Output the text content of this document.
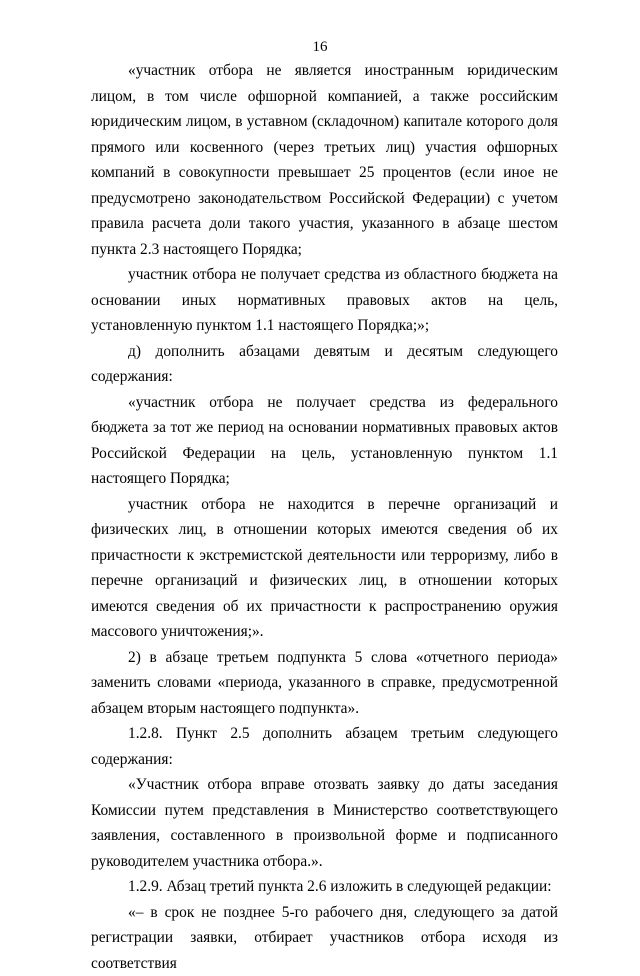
16

«участник отбора не является иностранным юридическим лицом, в том числе офшорной компанией, а также российским юридическим лицом, в уставном (складочном) капитале которого доля прямого или косвенного (через третьих лиц) участия офшорных компаний в совокупности превышает 25 процентов (если иное не предусмотрено законодательством Российской Федерации) с учетом правила расчета доли такого участия, указанного в абзаце шестом пункта 2.3 настоящего Порядка;

участник отбора не получает средства из областного бюджета на основании иных нормативных правовых актов на цель, установленную пунктом 1.1 настоящего Порядка;»;

д) дополнить абзацами девятым и десятым следующего содержания:

«участник отбора не получает средства из федерального бюджета за тот же период на основании нормативных правовых актов Российской Федерации на цель, установленную пунктом 1.1 настоящего Порядка;

участник отбора не находится в перечне организаций и физических лиц, в отношении которых имеются сведения об их причастности к экстремистской деятельности или терроризму, либо в перечне организаций и физических лиц, в отношении которых имеются сведения об их причастности к распространению оружия массового уничтожения;».

2) в абзаце третьем подпункта 5 слова «отчетного периода» заменить словами «периода, указанного в справке, предусмотренной абзацем вторым настоящего подпункта».

1.2.8. Пункт 2.5 дополнить абзацем третьим следующего содержания:

«Участник отбора вправе отозвать заявку до даты заседания Комиссии путем представления в Министерство соответствующего заявления, составленного в произвольной форме и подписанного руководителем участника отбора.».

1.2.9. Абзац третий пункта 2.6 изложить в следующей редакции:

«– в срок не позднее 5-го рабочего дня, следующего за датой регистрации заявки, отбирает участников отбора исходя из соответствия
